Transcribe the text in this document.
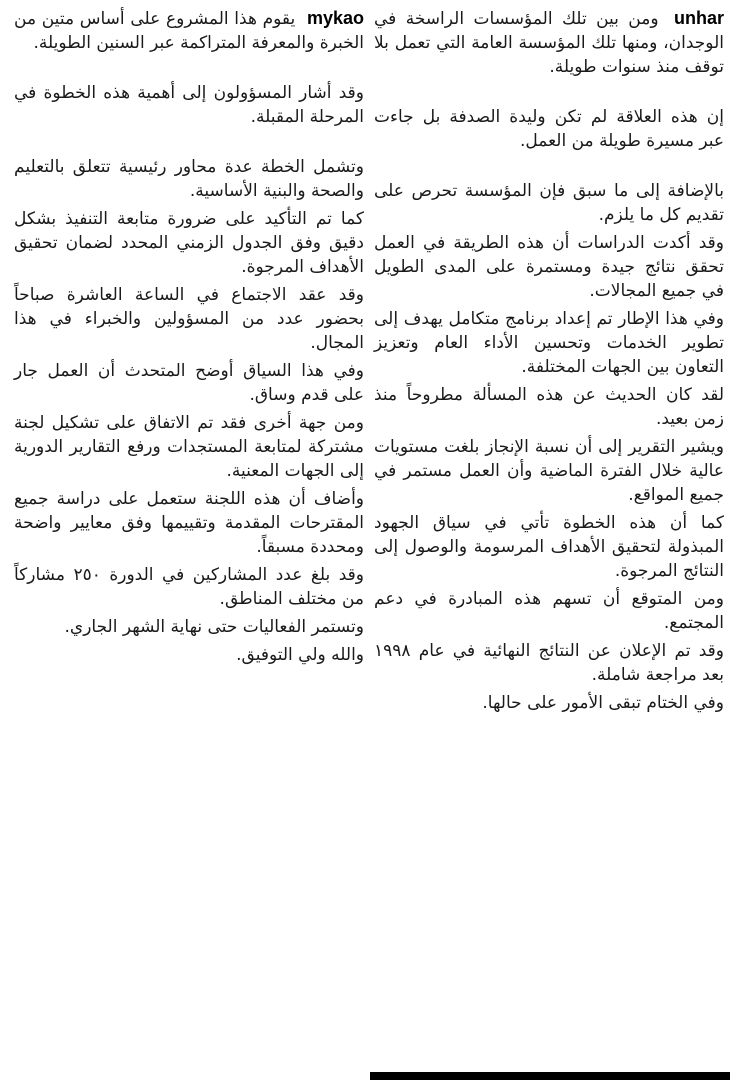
unhar ومن بين تلك المؤسسات الراسخة في الوجدان، ومنها تلك المؤسسة العامة التي تعمل بلا توقف منذ سنوات طويلة.

إن هذه العلاقة لم تكن وليدة الصدفة بل جاءت عبر مسيرة طويلة من العمل.

بالإضافة إلى ما سبق فإن المؤسسة تحرص على تقديم كل ما يلزم.

وقد أكدت الدراسات أن هذه الطريقة في العمل تحقق نتائج جيدة ومستمرة على المدى الطويل في جميع المجالات.

وفي هذا الإطار تم إعداد برنامج متكامل يهدف إلى تطوير الخدمات وتحسين الأداء العام وتعزيز التعاون بين الجهات المختلفة.

لقد كان الحديث عن هذه المسألة مطروحاً منذ زمن بعيد.

ويشير التقرير إلى أن نسبة الإنجاز بلغت مستويات عالية خلال الفترة الماضية وأن العمل مستمر في جميع المواقع.

كما أن هذه الخطوة تأتي في سياق الجهود المبذولة لتحقيق الأهداف المرسومة والوصول إلى النتائج المرجوة.

ومن المتوقع أن تسهم هذه المبادرة في دعم المجتمع.

وقد تم الإعلان عن النتائج النهائية في عام ١٩٩٨ بعد مراجعة شاملة.

وفي الختام تبقى الأمور على حالها.

mykao يقوم هذا المشروع على أساس متين من الخبرة والمعرفة المتراكمة عبر السنين الطويلة.

وقد أشار المسؤولون إلى أهمية هذه الخطوة في المرحلة المقبلة.

وتشمل الخطة عدة محاور رئيسية تتعلق بالتعليم والصحة والبنية الأساسية.

كما تم التأكيد على ضرورة متابعة التنفيذ بشكل دقيق وفق الجدول الزمني المحدد لضمان تحقيق الأهداف المرجوة.

وقد عقد الاجتماع في الساعة العاشرة صباحاً بحضور عدد من المسؤولين والخبراء في هذا المجال.

وفي هذا السياق أوضح المتحدث أن العمل جار على قدم وساق.

ومن جهة أخرى فقد تم الاتفاق على تشكيل لجنة مشتركة لمتابعة المستجدات ورفع التقارير الدورية إلى الجهات المعنية.

وأضاف أن هذه اللجنة ستعمل على دراسة جميع المقترحات المقدمة وتقييمها وفق معايير واضحة ومحددة مسبقاً.

وقد بلغ عدد المشاركين في الدورة ٢٥٠ مشاركاً من مختلف المناطق.

وتستمر الفعاليات حتى نهاية الشهر الجاري.

والله ولي التوفيق.
